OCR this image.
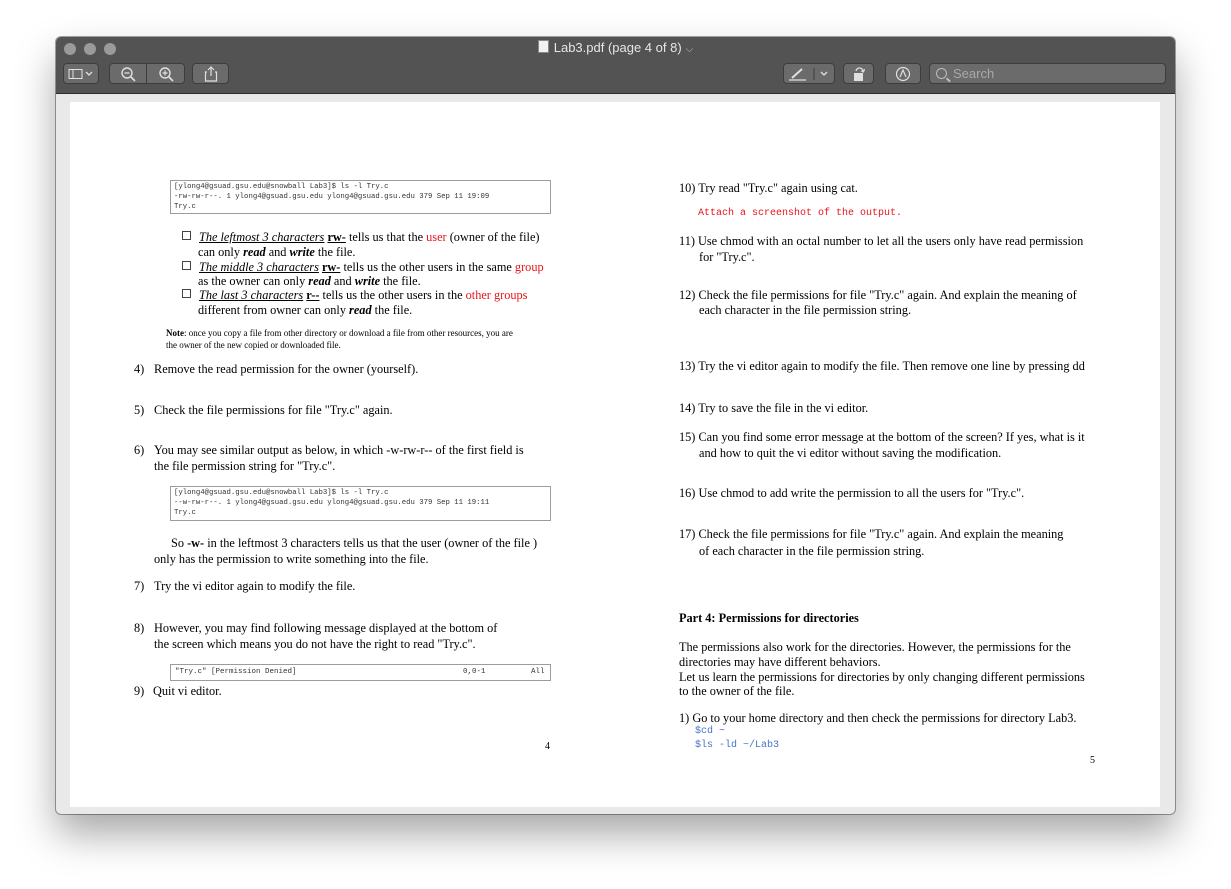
Lab3.pdf (page 4 of 8) ⌵
Search
[ylong4@gsuad.gsu.edu@snowball Lab3]$ ls -l Try.c
-rw-rw-r--. 1 ylong4@gsuad.gsu.edu ylong4@gsuad.gsu.edu 379 Sep 11 19:09
Try.c
The leftmost 3 characters rw- tells us that the user (owner of the file)
can only read and write the file.
The middle 3 characters rw- tells us the other users in the same group
as the owner can only read and write the file.
The last 3 characters r-- tells us the other users in the other groups
different from owner can only read the file.
Note: once you copy a file from other directory or download a file from other resources, you are
the owner of the new copied or downloaded file.
4) Remove the read permission for the owner (yourself).
5) Check the file permissions for file "Try.c" again.
6) You may see similar output as below, in which -w-rw-r-- of the first field is
the file permission string for "Try.c".
[ylong4@gsuad.gsu.edu@snowball Lab3]$ ls -l Try.c
--w-rw-r--. 1 ylong4@gsuad.gsu.edu ylong4@gsuad.gsu.edu 379 Sep 11 19:11
Try.c
So -w- in the leftmost 3 characters tells us that the user (owner of the file )
only has the permission to write something into the file.
7) Try the vi editor again to modify the file.
8) However, you may find following message displayed at the bottom of
the screen which means you do not have the right to read "Try.c".
"Try.c" [Permission Denied]	0,0-1	All
9) Quit vi editor.
4
10) Try read "Try.c" again using cat.
Attach a screenshot of the output.
11) Use chmod with an octal number to let all the users only have read permission
for "Try.c".
12) Check the file permissions for file "Try.c" again. And explain the meaning of
each character in the file permission string.
13) Try the vi editor again to modify the file. Then remove one line by pressing dd
14) Try to save the file in the vi editor.
15) Can you find some error message at the bottom of the screen? If yes, what is it
and how to quit the vi editor without saving the modification.
16) Use chmod to add write the permission to all the users for "Try.c".
17) Check the file permissions for file "Try.c" again. And explain the meaning
of each character in the file permission string.
Part 4: Permissions for directories
The permissions also work for the directories. However, the permissions for the
directories may have different behaviors.
Let us learn the permissions for directories by only changing different permissions
to the owner of the file.
1) Go to your home directory and then check the permissions for directory Lab3.
$cd ~
$ls -ld ~/Lab3
5
